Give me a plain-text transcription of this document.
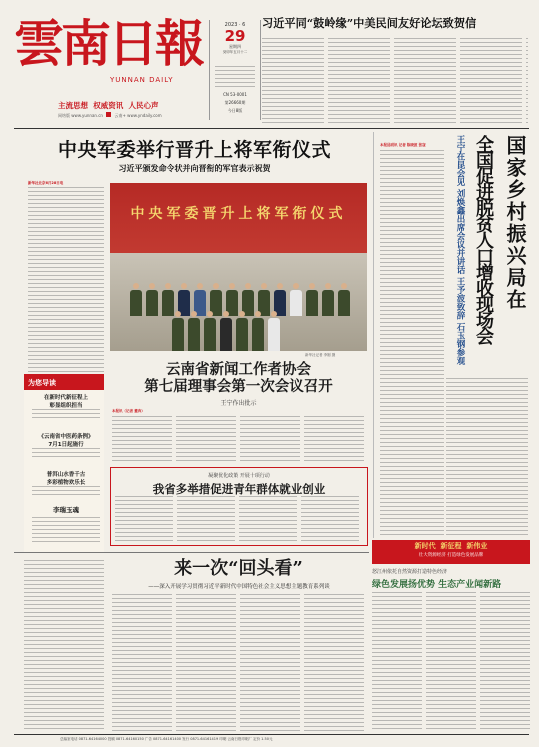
雲南日報
YUNNAN DAILY
主流思想  权威资讯  人民心声
网络版 www.yunnan.cn	云南+ www.yndaily.com
2023 · 6
29
星期四
癸卯年五月十二
CN 53-0001
第26660期
今日8版
习近平同“鼓岭缘”中美民间友好论坛致贺信
中央军委举行晋升上将军衔仪式
习近平颁发命令状并向晋衔的军官表示祝贺
新华社北京6月28日电
中央军委晋升上将军衔仪式
新华社记者 李刚 摄
本报昆明讯 记者 陈晓波 张寇	王宁在昆会见 刘焕鑫出席会议并讲话 王予波致辞 石玉钢参观 全国促进脱贫人口增收现场会 国家乡村振兴局在
为您导读
在新时代新征程上
彰显组织担当
《云南省中医药条例》
7月1日起施行
普洱山水香千古
多彩植物欢乐长
李瑞玉魂
云南省新闻工作者协会
第七届理事会第一次会议召开
王宁作出批示
本报讯（记者 董奔）
凝聚优化政策 开展十项行动
我省多举措促进青年群体就业创业
新时代  新征程  新伟业
壮大资源经济 打造绿色发展品牌
怒江州依托自然资源打造特色经济
绿色发展扬优势 生态产业闻新路
来一次“回头看”
——深入开展学习贯彻习近平新时代中国特色社会主义思想主题教育系列谈
总编室电话 0871-64164000 投稿 0871-64160150 广告 0871-64161400 发行 0871-64161419 印刷 云南日报印刷厂 定价 1.50元
